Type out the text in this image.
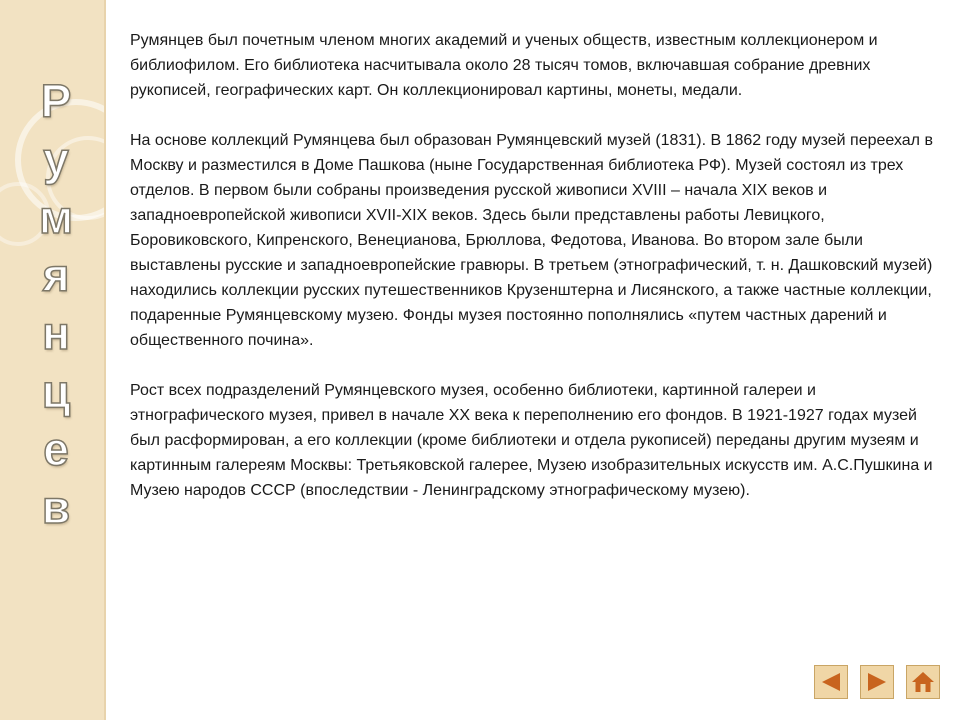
Р
у
м
я
н
ц
е
в

Румянцев был почетным членом многих академий и ученых обществ, известным коллекционером и библиофилом. Его библиотека насчитывала около 28 тысяч томов, включавшая собрание древних рукописей, географических карт. Он коллекционировал картины, монеты, медали.

На основе коллекций Румянцева был образован Румянцевский музей (1831). В 1862 году музей переехал в Москву и разместился в Доме Пашкова (ныне Государственная библиотека РФ). Музей состоял из трех отделов. В первом были собраны произведения русской живописи XVIII – начала XIX веков и западноевропейской живописи XVII-XIX веков. Здесь были представлены работы Левицкого, Боровиковского, Кипренского, Венецианова, Брюллова, Федотова, Иванова. Во втором зале были выставлены русские и западноевропейские гравюры. В третьем (этнографический, т. н. Дашковский музей) находились коллекции русских путешественников Крузенштерна и Лисянского, а также частные коллекции, подаренные Румянцевскому музею. Фонды музея постоянно пополнялись «путем частных дарений и общественного почина».

Рост всех подразделений Румянцевского музея, особенно библиотеки, картинной галереи и этнографического музея, привел в начале XX века к переполнению его фондов. В 1921-1927 годах музей был расформирован, а его коллекции (кроме библиотеки и отдела рукописей) переданы другим музеям и картинным галереям Москвы: Третьяковской галерее, Музею изобразительных искусств им. А.С.Пушкина и Музею народов СССР (впоследствии - Ленинградскому этнографическому музею).
